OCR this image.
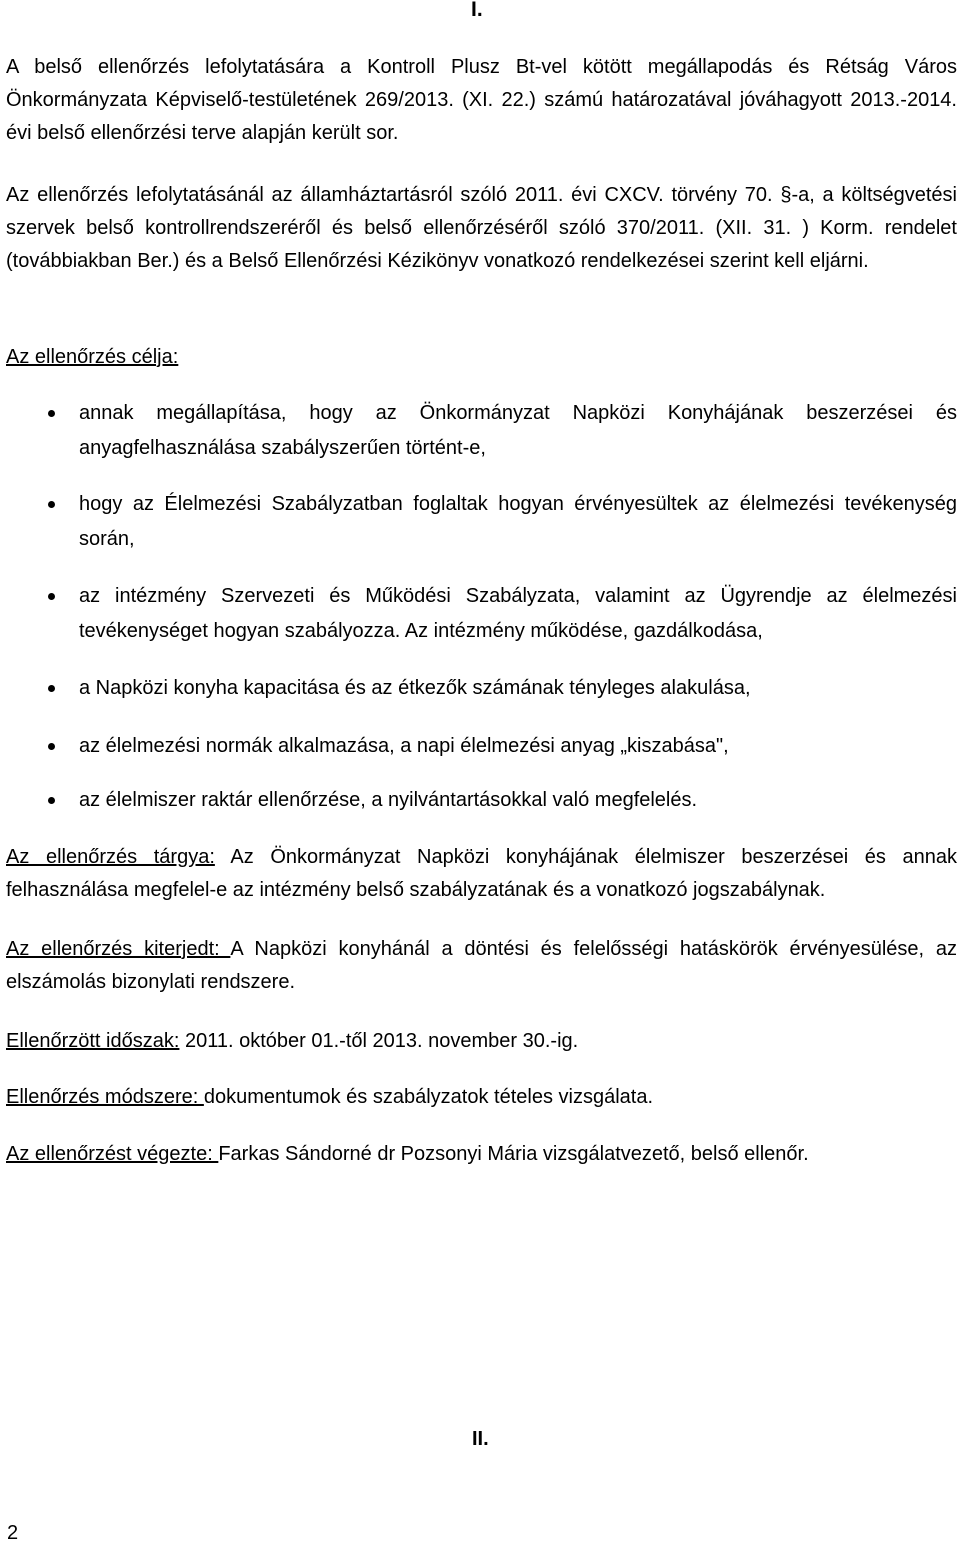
I.

A belső ellenőrzés lefolytatására a Kontroll Plusz Bt-vel kötött megállapodás és Rétság Város Önkormányzata Képviselő-testületének 269/2013. (XI. 22.) számú határozatával jóváhagyott 2013.-2014. évi belső ellenőrzési terve alapján került sor.

Az ellenőrzés lefolytatásánál az államháztartásról szóló 2011. évi CXCV. törvény 70. §-a, a költségvetési szervek belső kontrollrendszeréről és belső ellenőrzéséről szóló 370/2011. (XII. 31. ) Korm. rendelet (továbbiakban Ber.) és a Belső Ellenőrzési Kézikönyv vonatkozó rendelkezései szerint kell eljárni.

Az ellenőrzés célja:
annak megállapítása, hogy az Önkormányzat Napközi Konyhájának beszerzései és anyagfelhasználása szabályszerűen történt-e,
hogy az Élelmezési Szabályzatban foglaltak hogyan érvényesültek az élelmezési tevékenység során,
az intézmény Szervezeti és Működési Szabályzata, valamint az Ügyrendje az élelmezési tevékenységet hogyan szabályozza. Az intézmény működése, gazdálkodása,
a Napközi konyha kapacitása és az étkezők számának tényleges alakulása,
az élelmezési normák alkalmazása, a napi élelmezési anyag „kiszabása",
az élelmiszer raktár ellenőrzése, a nyilvántartásokkal való megfelelés.

Az ellenőrzés tárgya: Az Önkormányzat Napközi konyhájának élelmiszer beszerzései és annak felhasználása megfelel-e az intézmény belső szabályzatának és a vonatkozó jogszabálynak.

Az ellenőrzés kiterjedt: A Napközi konyhánál a döntési és felelősségi hatáskörök érvényesülése, az elszámolás bizonylati rendszere.

Ellenőrzött időszak: 2011. október 01.-től 2013. november 30.-ig.

Ellenőrzés módszere: dokumentumok és szabályzatok tételes vizsgálata.

Az ellenőrzést végezte: Farkas Sándorné dr Pozsonyi Mária vizsgálatvezető, belső ellenőr.

II.
2
